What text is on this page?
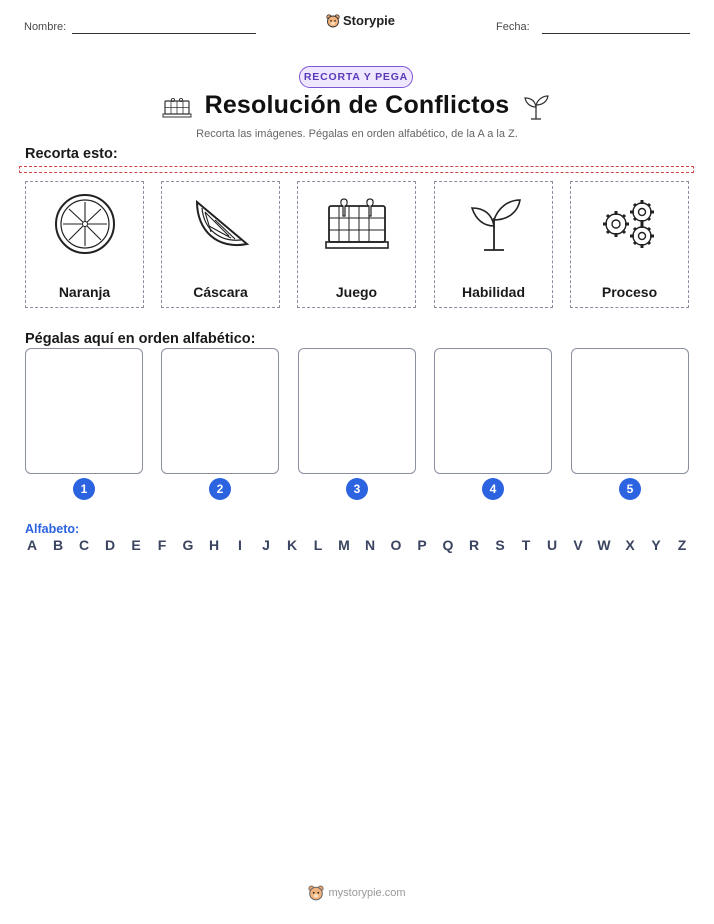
Nombre:	Storypie	Fecha:
RECORTA Y PEGA
Resolución de Conflictos
Recorta las imágenes. Pégalas en orden alfabético, de la A a la Z.
Recorta esto:
Naranja	Cáscara	Juego	Habilidad	Proceso
Pégalas aquí en orden alfabético:
1	2	3	4	5
Alfabeto:
A B C D E F G H	I	J K L M N O P Q R S T U V W X Y Z
mystorypie.com
